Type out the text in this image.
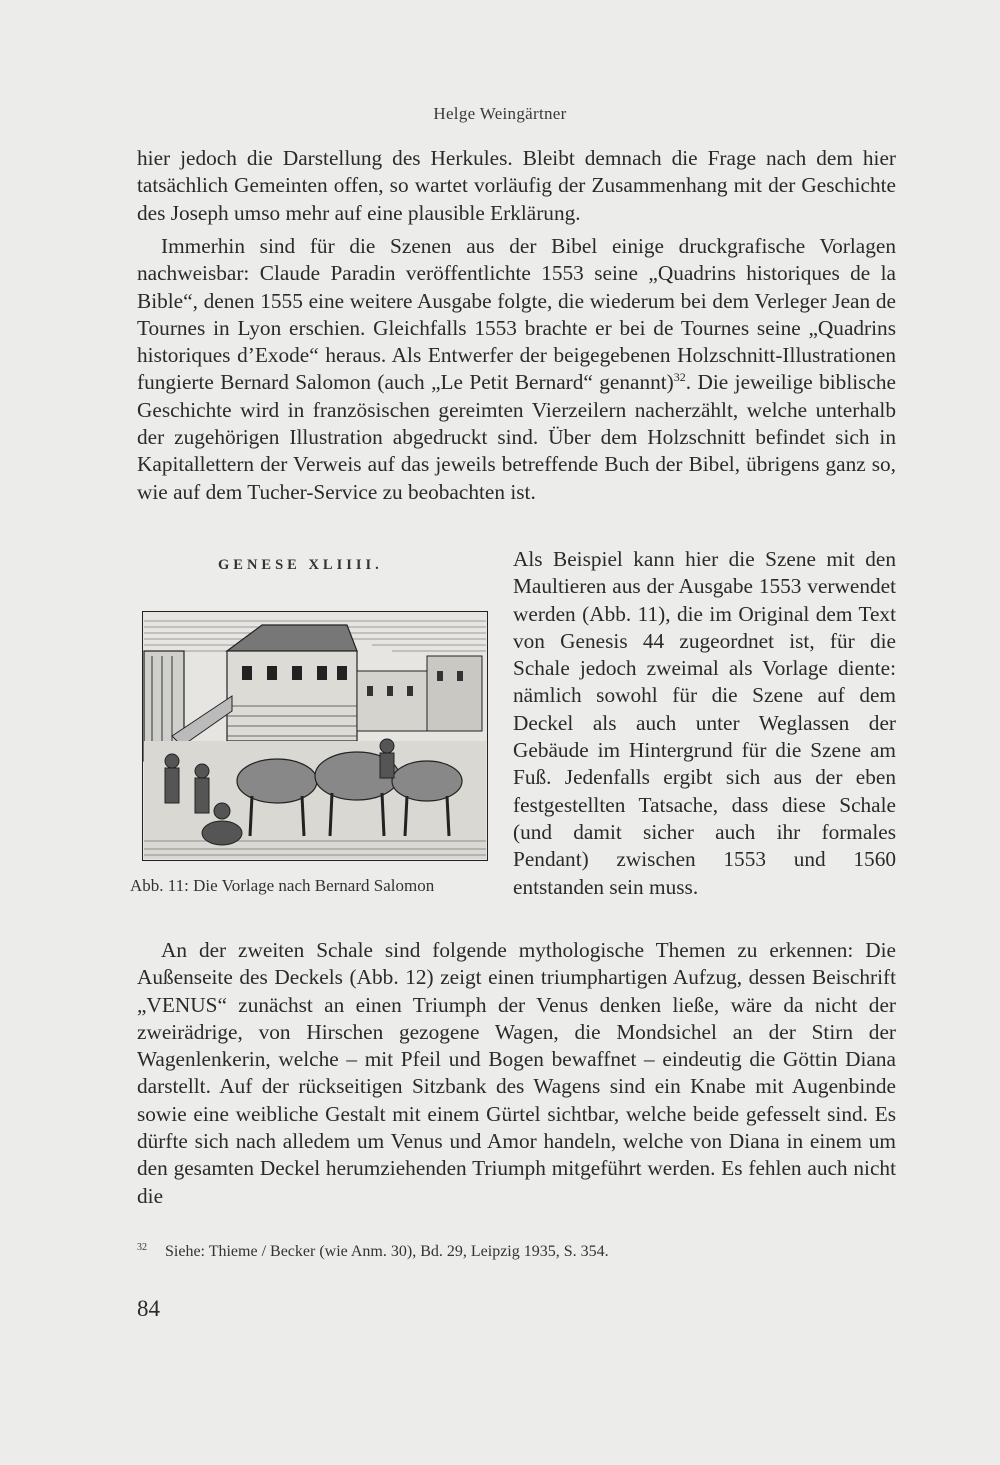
Helge Weingärtner

hier jedoch die Darstellung des Herkules. Bleibt demnach die Frage nach dem hier tatsächlich Gemeinten offen, so wartet vorläufig der Zusammenhang mit der Geschichte des Joseph umso mehr auf eine plausible Erklärung.

Immerhin sind für die Szenen aus der Bibel einige druckgrafische Vorlagen nachweisbar: Claude Paradin veröffentlichte 1553 seine „Quadrins historiques de la Bible“, denen 1555 eine weitere Ausgabe folgte, die wiederum bei dem Verleger Jean de Tournes in Lyon erschien. Gleichfalls 1553 brachte er bei de Tournes seine „Quadrins historiques d’Exode“ heraus. Als Entwerfer der beigegebenen Holzschnitt-Illustrationen fungierte Bernard Salomon (auch „Le Petit Bernard“ genannt)$^{32}$. Die jeweilige biblische Geschichte wird in französischen gereimten Vierzeilern nacherzählt, welche unterhalb der zugehörigen Illustration abgedruckt sind. Über dem Holzschnitt befindet sich in Kapitallettern der Verweis auf das jeweils betreffende Buch der Bibel, übrigens ganz so, wie auf dem Tucher-Service zu beobachten ist.

GENESE XLIIII.
Abb. 11: Die Vorlage nach Bernard Salomon

Als Beispiel kann hier die Szene mit den Maultieren aus der Ausgabe 1553 verwendet werden (Abb. 11), die im Original dem Text von Genesis 44 zugeordnet ist, für die Schale jedoch zweimal als Vorlage diente: nämlich sowohl für die Szene auf dem Deckel als auch unter Weglassen der Gebäude im Hintergrund für die Szene am Fuß. Jedenfalls ergibt sich aus der eben festgestellten Tatsache, dass diese Schale (und damit sicher auch ihr formales Pendant) zwischen 1553 und 1560 entstanden sein muss.

An der zweiten Schale sind folgende mythologische Themen zu erkennen: Die Außenseite des Deckels (Abb. 12) zeigt einen triumphartigen Aufzug, dessen Beischrift „VENUS“ zunächst an einen Triumph der Venus denken ließe, wäre da nicht der zweirädrige, von Hirschen gezogene Wagen, die Mondsichel an der Stirn der Wagenlenkerin, welche – mit Pfeil und Bogen bewaffnet – eindeutig die Göttin Diana darstellt. Auf der rückseitigen Sitzbank des Wagens sind ein Knabe mit Augenbinde sowie eine weibliche Gestalt mit einem Gürtel sichtbar, welche beide gefesselt sind. Es dürfte sich nach alledem um Venus und Amor handeln, welche von Diana in einem um den gesamten Deckel herumziehenden Triumph mitgeführt werden. Es fehlen auch nicht die

$^{32}$ Siehe: Thieme / Becker (wie Anm. 30), Bd. 29, Leipzig 1935, S. 354.
84
